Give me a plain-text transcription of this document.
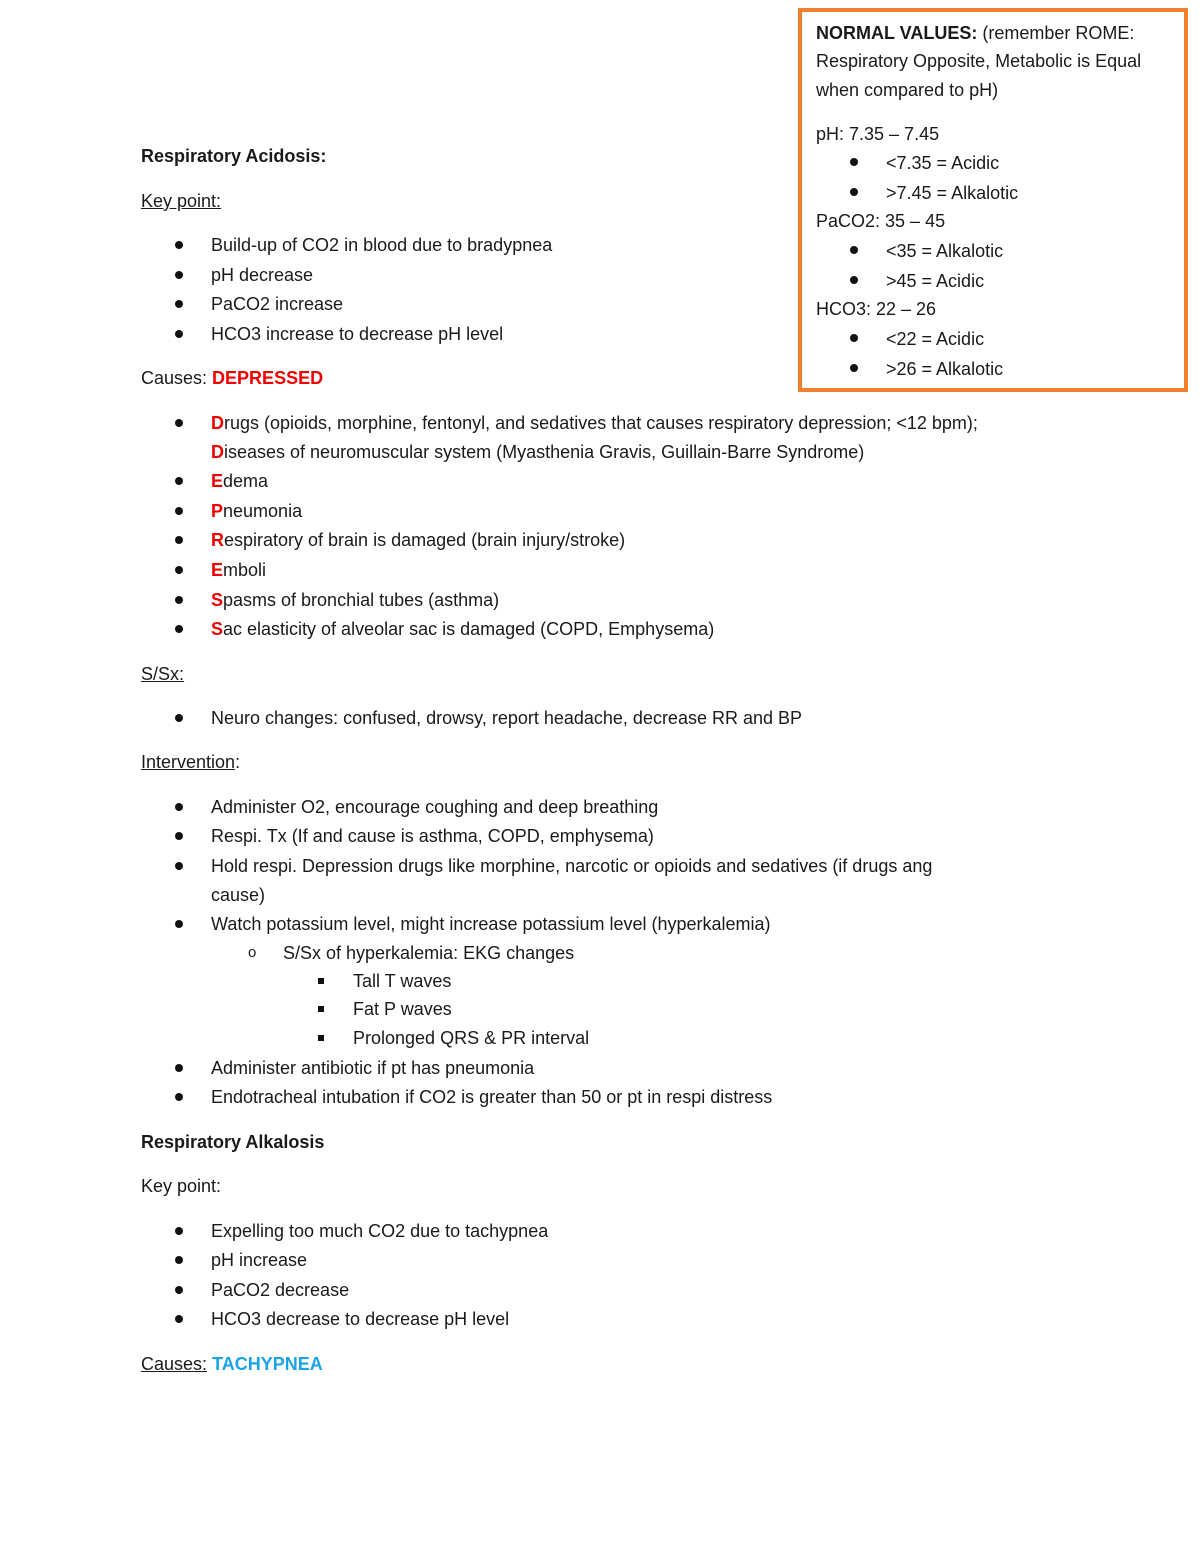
NORMAL VALUES: (remember ROME:
Respiratory Opposite, Metabolic is Equal
when compared to pH)
pH: 7.35 – 7.45
<7.35 = Acidic
>7.45 = Alkalotic
PaCO2: 35 – 45
<35 = Alkalotic
>45 = Acidic
HCO3: 22 – 26
<22 = Acidic
>26 = Alkalotic
Respiratory Acidosis:
Key point:
Build-up of CO2 in blood due to bradypnea
pH decrease
PaCO2 increase
HCO3 increase to decrease pH level
Causes: DEPRESSED
Drugs (opioids, morphine, fentonyl, and sedatives that causes respiratory depression; <12 bpm);
Diseases of neuromuscular system (Myasthenia Gravis, Guillain-Barre Syndrome)
Edema
Pneumonia
Respiratory of brain is damaged (brain injury/stroke)
Emboli
Spasms of bronchial tubes (asthma)
Sac elasticity of alveolar sac is damaged (COPD, Emphysema)
S/Sx:
Neuro changes: confused, drowsy, report headache, decrease RR and BP
Intervention:
Administer O2, encourage coughing and deep breathing
Respi. Tx (If and cause is asthma, COPD, emphysema)
Hold respi. Depression drugs like morphine, narcotic or opioids and sedatives (if drugs ang
cause)
Watch potassium level, might increase potassium level (hyperkalemia)
o S/Sx of hyperkalemia: EKG changes
Tall T waves
Fat P waves
Prolonged QRS & PR interval
Administer antibiotic if pt has pneumonia
Endotracheal intubation if CO2 is greater than 50 or pt in respi distress
Respiratory Alkalosis
Key point:
Expelling too much CO2 due to tachypnea
pH increase
PaCO2 decrease
HCO3 decrease to decrease pH level
Causes: TACHYPNEA
